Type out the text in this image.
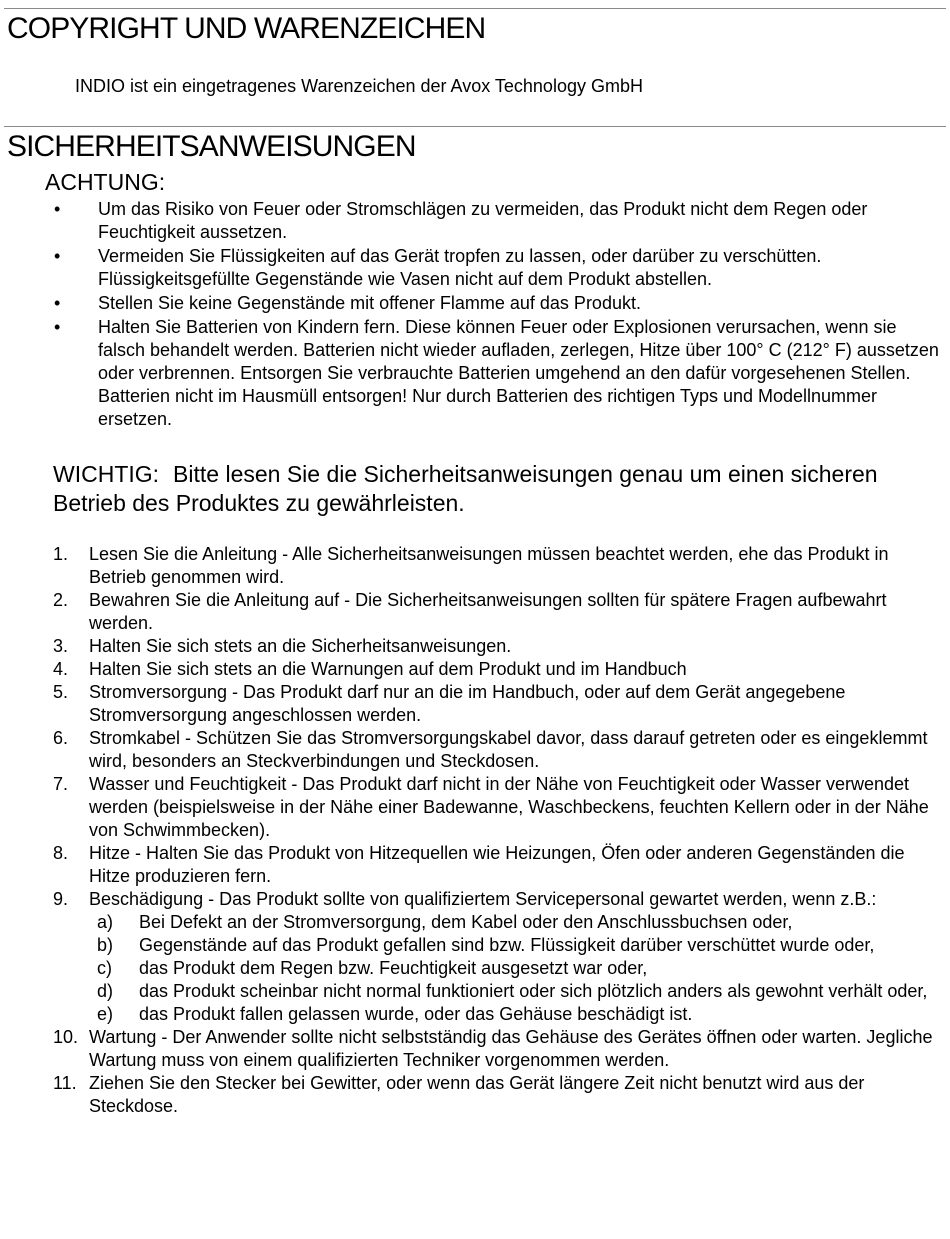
COPYRIGHT UND WARENZEICHEN
INDIO ist ein eingetragenes Warenzeichen der Avox Technology GmbH
SICHERHEITSANWEISUNGEN
ACHTUNG:
• Um das Risiko von Feuer oder Stromschlägen zu vermeiden, das Produkt nicht dem Regen oder Feuchtigkeit aussetzen.
• Vermeiden Sie Flüssigkeiten auf das Gerät tropfen zu lassen, oder darüber zu verschütten. Flüssigkeitsgefüllte Gegenstände wie Vasen nicht auf dem Produkt abstellen.
• Stellen Sie keine Gegenstände mit offener Flamme auf das Produkt.
• Halten Sie Batterien von Kindern fern. Diese können Feuer oder Explosionen verursachen, wenn sie falsch behandelt werden. Batterien nicht wieder aufladen, zerlegen, Hitze über 100° C (212° F) aussetzen oder verbrennen. Entsorgen Sie verbrauchte Batterien umgehend an den dafür vorgesehenen Stellen. Batterien nicht im Hausmüll entsorgen! Nur durch Batterien des richtigen Typs und Modellnummer ersetzen.
WICHTIG: Bitte lesen Sie die Sicherheitsanweisungen genau um einen sicheren Betrieb des Produktes zu gewährleisten.
1. Lesen Sie die Anleitung - Alle Sicherheitsanweisungen müssen beachtet werden, ehe das Produkt in Betrieb genommen wird.
2. Bewahren Sie die Anleitung auf - Die Sicherheitsanweisungen sollten für spätere Fragen aufbewahrt werden.
3. Halten Sie sich stets an die Sicherheitsanweisungen.
4. Halten Sie sich stets an die Warnungen auf dem Produkt und im Handbuch
5. Stromversorgung - Das Produkt darf nur an die im Handbuch, oder auf dem Gerät angegebene Stromversorgung angeschlossen werden.
6. Stromkabel - Schützen Sie das Stromversorgungskabel davor, dass darauf getreten oder es eingeklemmt wird, besonders an Steckverbindungen und Steckdosen.
7. Wasser und Feuchtigkeit - Das Produkt darf nicht in der Nähe von Feuchtigkeit oder Wasser verwendet werden (beispielsweise in der Nähe einer Badewanne, Waschbeckens, feuchten Kellern oder in der Nähe von Schwimmbecken).
8. Hitze - Halten Sie das Produkt von Hitzequellen wie Heizungen, Öfen oder anderen Gegenständen die Hitze produzieren fern.
9. Beschädigung - Das Produkt sollte von qualifiziertem Servicepersonal gewartet werden, wenn z.B.:
a) Bei Defekt an der Stromversorgung, dem Kabel oder den Anschlussbuchsen oder,
b) Gegenstände auf das Produkt gefallen sind bzw. Flüssigkeit darüber verschüttet wurde oder,
c) das Produkt dem Regen bzw. Feuchtigkeit ausgesetzt war oder,
d) das Produkt scheinbar nicht normal funktioniert oder sich plötzlich anders als gewohnt verhält oder,
e) das Produkt fallen gelassen wurde, oder das Gehäuse beschädigt ist.
10. Wartung - Der Anwender sollte nicht selbstständig das Gehäuse des Gerätes öffnen oder warten. Jegliche Wartung muss von einem qualifizierten Techniker vorgenommen werden.
11. Ziehen Sie den Stecker bei Gewitter, oder wenn das Gerät längere Zeit nicht benutzt wird aus der Steckdose.
